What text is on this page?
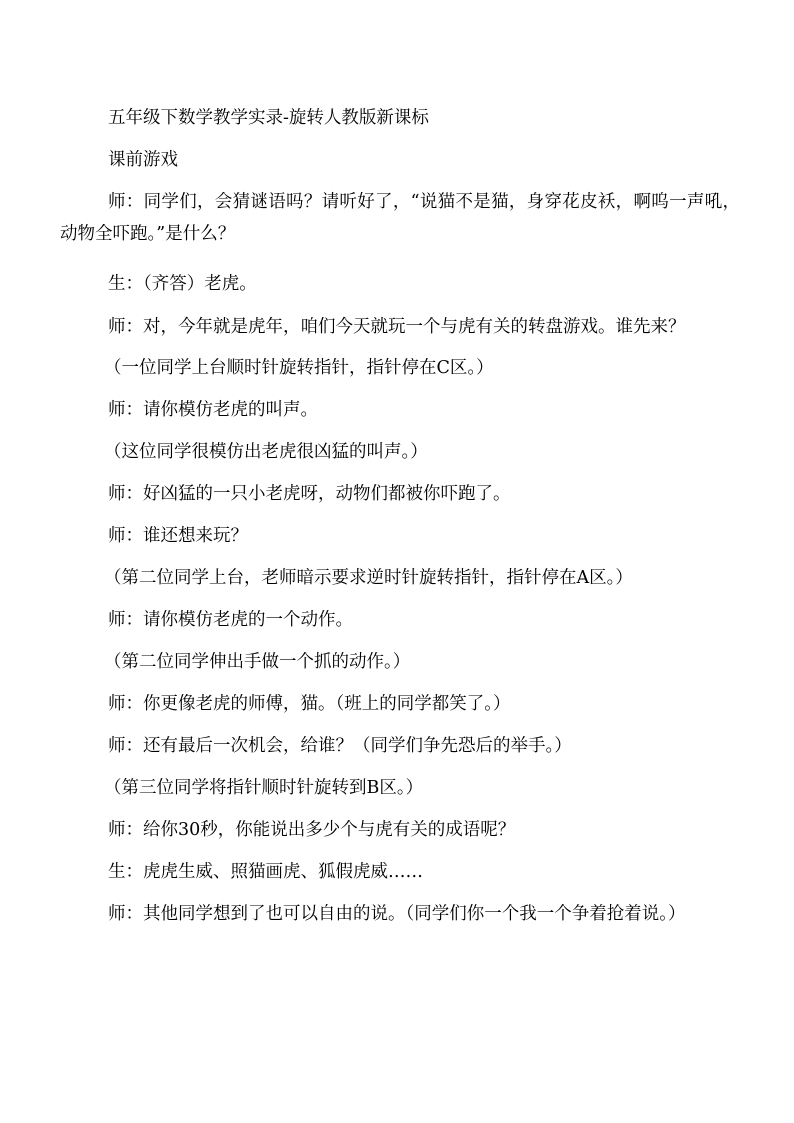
五年级下数学教学实录-旋转人教版新课标

课前游戏

师：同学们，会猜谜语吗？请听好了，“说猫不是猫，身穿花皮袄，啊呜一声吼，动物全吓跑。”是什么？

生：（齐答）老虎。

师：对，今年就是虎年，咱们今天就玩一个与虎有关的转盘游戏。谁先来？

（一位同学上台顺时针旋转指针，指针停在C区。）

师：请你模仿老虎的叫声。

（这位同学很模仿出老虎很凶猛的叫声。）

师：好凶猛的一只小老虎呀，动物们都被你吓跑了。

师：谁还想来玩？

（第二位同学上台，老师暗示要求逆时针旋转指针，指针停在A区。）

师：请你模仿老虎的一个动作。

（第二位同学伸出手做一个抓的动作。）

师：你更像老虎的师傅，猫。（班上的同学都笑了。）

师：还有最后一次机会，给谁？（同学们争先恐后的举手。）

（第三位同学将指针顺时针旋转到B区。）

师：给你30秒，你能说出多少个与虎有关的成语呢？

生：虎虎生威、照猫画虎、狐假虎威……

师：其他同学想到了也可以自由的说。（同学们你一个我一个争着抢着说。）
